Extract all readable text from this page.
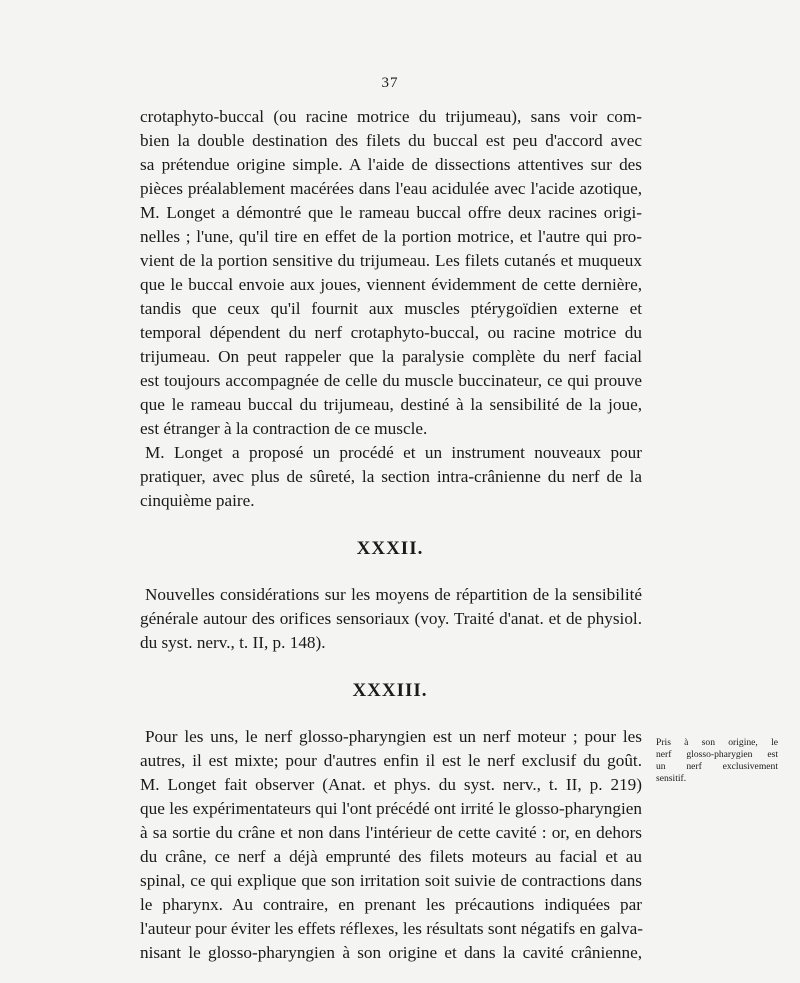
37
crotaphyto-buccal (ou racine motrice du trijumeau), sans voir com-
bien la double destination des filets du buccal est peu d'accord avec
sa prétendue origine simple. A l'aide de dissections attentives sur des
pièces préalablement macérées dans l'eau acidulée avec l'acide azotique,
M. Longet a démontré que le rameau buccal offre deux racines origi-
nelles ; l'une, qu'il tire en effet de la portion motrice, et l'autre qui pro-
vient de la portion sensitive du trijumeau. Les filets cutanés et muqueux
que le buccal envoie aux joues, viennent évidemment de cette dernière,
tandis que ceux qu'il fournit aux muscles ptérygoïdien externe et
temporal dépendent du nerf crotaphyto-buccal, ou racine motrice du
trijumeau. On peut rappeler que la paralysie complète du nerf facial
est toujours accompagnée de celle du muscle buccinateur, ce qui prouve
que le rameau buccal du trijumeau, destiné à la sensibilité de la joue,
est étranger à la contraction de ce muscle.
M. Longet a proposé un procédé et un instrument nouveaux pour
pratiquer, avec plus de sûreté, la section intra-crânienne du nerf de la
cinquième paire.
XXXII.
Nouvelles considérations sur les moyens de répartition de la sensibilité
générale autour des orifices sensoriaux (voy. Traité d'anat. et de physiol.
du syst. nerv., t. II, p. 148).
XXXIII.
Pour les uns, le nerf glosso-pharyngien est un nerf moteur ; pour les
autres, il est mixte; pour d'autres enfin il est le nerf exclusif du goût.
M. Longet fait observer (Anat. et phys. du syst. nerv., t. II, p. 219)
que les expérimentateurs qui l'ont précédé ont irrité le glosso-pharyngien
à sa sortie du crâne et non dans l'intérieur de cette cavité : or, en dehors
du crâne, ce nerf a déjà emprunté des filets moteurs au facial et au
spinal, ce qui explique que son irritation soit suivie de contractions dans
le pharynx. Au contraire, en prenant les précautions indiquées par
l'auteur pour éviter les effets réflexes, les résultats sont négatifs en galva-
nisant le glosso-pharyngien à son origine et dans la cavité crânienne,
Pris à son origine, le
nerf glosso-pharygien est
un nerf exclusivement
sensitif.
